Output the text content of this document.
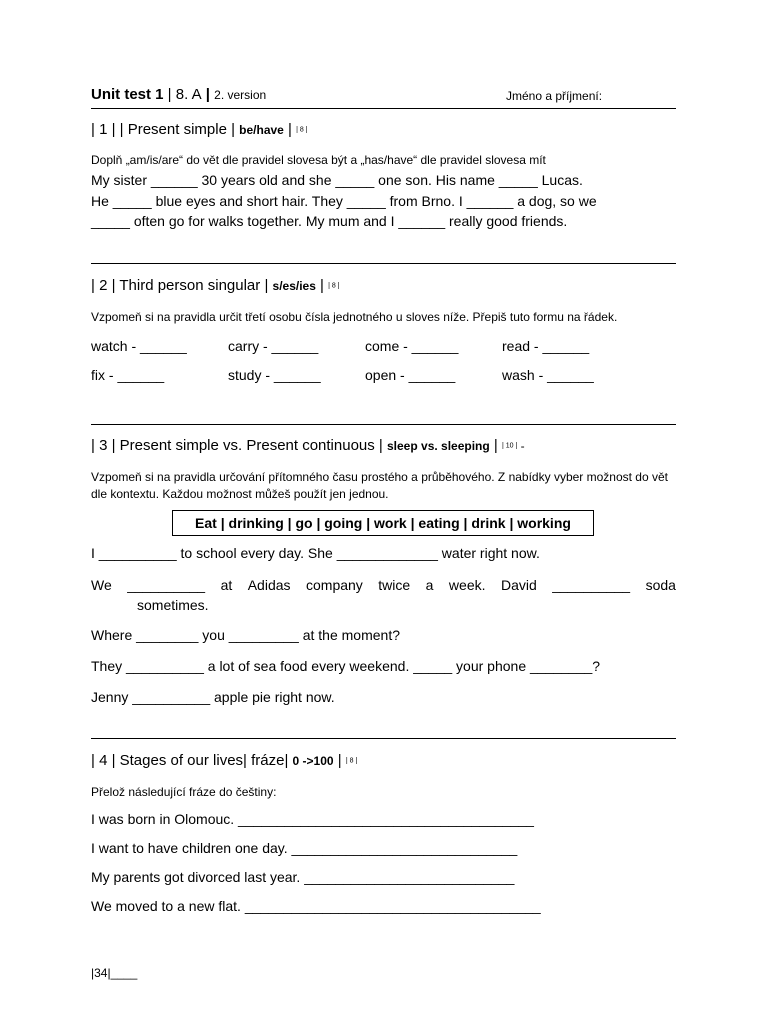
Unit test 1 | 8. A | 2. version	Jméno a příjmení:
| 1 | | Present simple | be/have | | 8 |
Doplň „am/is/are“ do vět dle pravidel slovesa být a „has/have“ dle pravidel slovesa mít
My sister ______ 30 years old and she _____ one son. His name _____ Lucas.
He _____ blue eyes and short hair. They _____ from Brno. I ______ a dog, so we
_____ often go for walks together. My mum and I ______ really good friends.
| 2 | Third person singular | s/es/ies | | 8 |
Vzpomeň si na pravidla určit třetí osobu čísla jednotného u sloves níže. Přepiš tuto formu na řádek.
watch - ______	carry - ______	come - ______	read - ______
fix - ______	study - ______	open - ______	wash - ______
| 3 | Present simple vs. Present continuous | sleep vs. sleeping | | 10 | -
Vzpomeň si na pravidla určování přítomného času prostého a průběhového. Z nabídky vyber možnost do vět dle kontextu. Každou možnost můžeš použít jen jednou.
Eat | drinking | go | going | work | eating | drink | working
I __________ to school every day. She _____________ water right now.
We __________ at Adidas company twice a week. David __________ soda
sometimes.
Where ________ you _________ at the moment?
They __________ a lot of sea food every weekend. _____ your phone ________?
Jenny __________ apple pie right now.
| 4 | Stages of our lives| fráze| 0 ->100 | | 8 |
Přelož následující fráze do češtiny:
I was born in Olomouc. ______________________________________
I want to have children one day. _____________________________
My parents got divorced last year. ___________________________
We moved to a new flat. ______________________________________
|34|____
